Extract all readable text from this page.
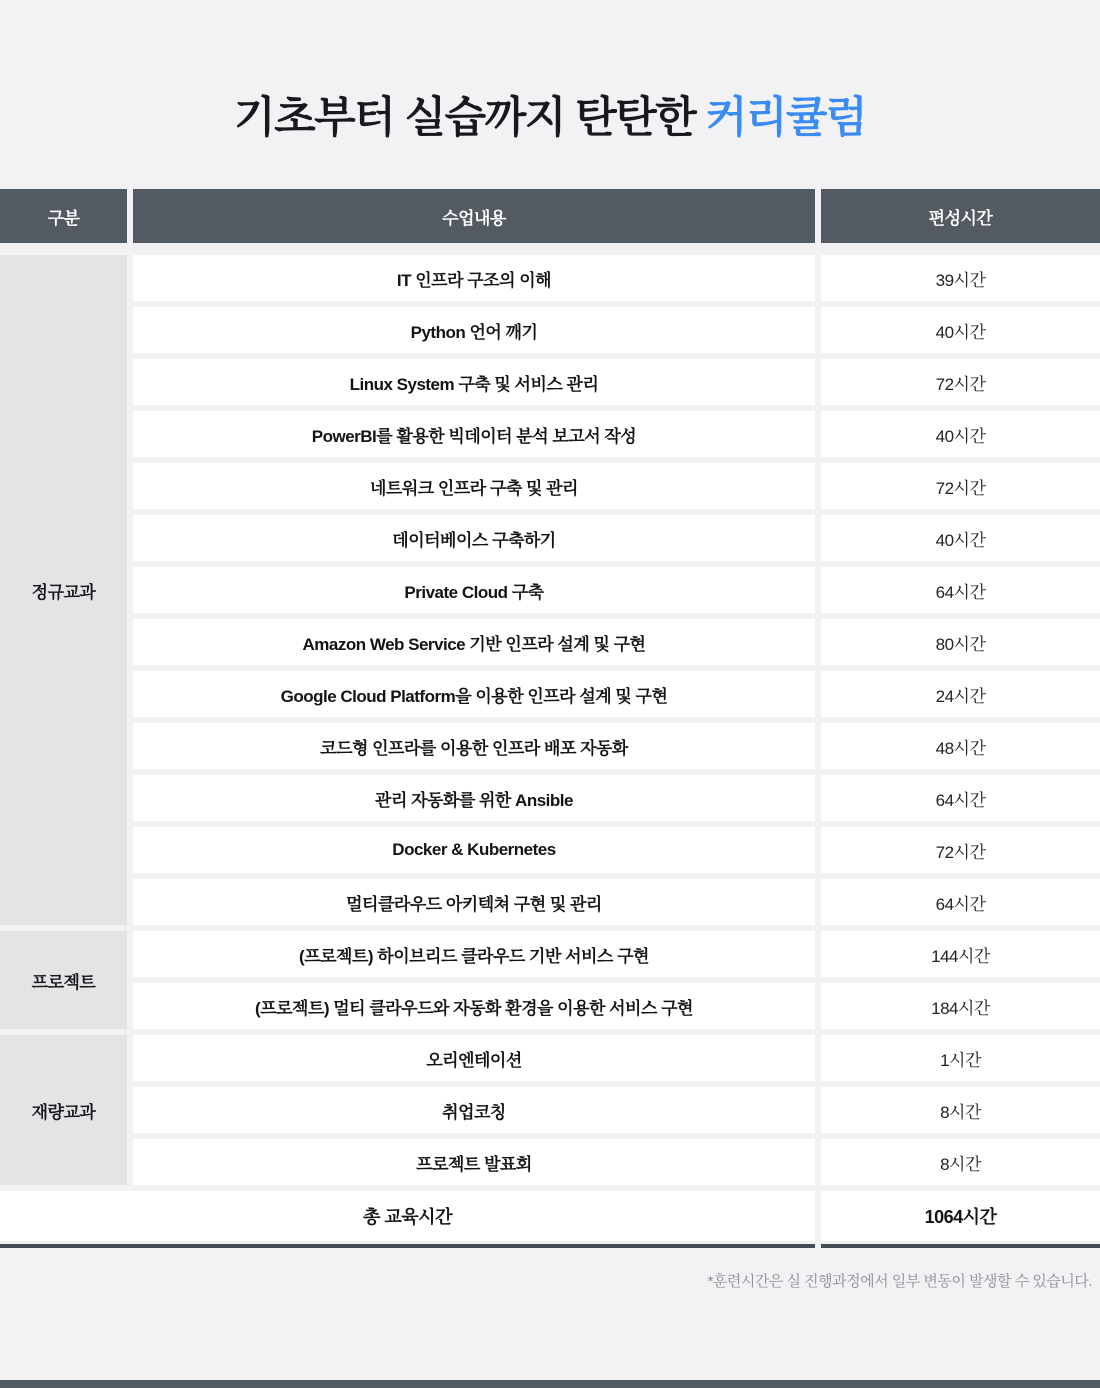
기초부터 실습까지 탄탄한 커리큘럼
구분	수업내용	편성시간
정규교과
IT 인프라 구조의 이해	39시간
Python 언어 깨기	40시간
Linux System 구축 및 서비스 관리	72시간
PowerBI를 활용한 빅데이터 분석 보고서 작성	40시간
네트워크 인프라 구축 및 관리	72시간
데이터베이스 구축하기	40시간
Private Cloud 구축	64시간
Amazon Web Service 기반 인프라 설계 및 구현	80시간
Google Cloud Platform을 이용한 인프라 설계 및 구현	24시간
코드형 인프라를 이용한 인프라 배포 자동화	48시간
관리 자동화를 위한 Ansible	64시간
Docker & Kubernetes	72시간
멀티클라우드 아키텍쳐 구현 및 관리	64시간
프로젝트
(프로젝트) 하이브리드 클라우드 기반 서비스 구현	144시간
(프로젝트) 멀티 클라우드와 자동화 환경을 이용한 서비스 구현	184시간
재량교과
오리엔테이션	1시간
취업코칭	8시간
프로젝트 발표회	8시간
총 교육시간	1064시간
*훈련시간은 실 진행과정에서 일부 변동이 발생할 수 있습니다.
